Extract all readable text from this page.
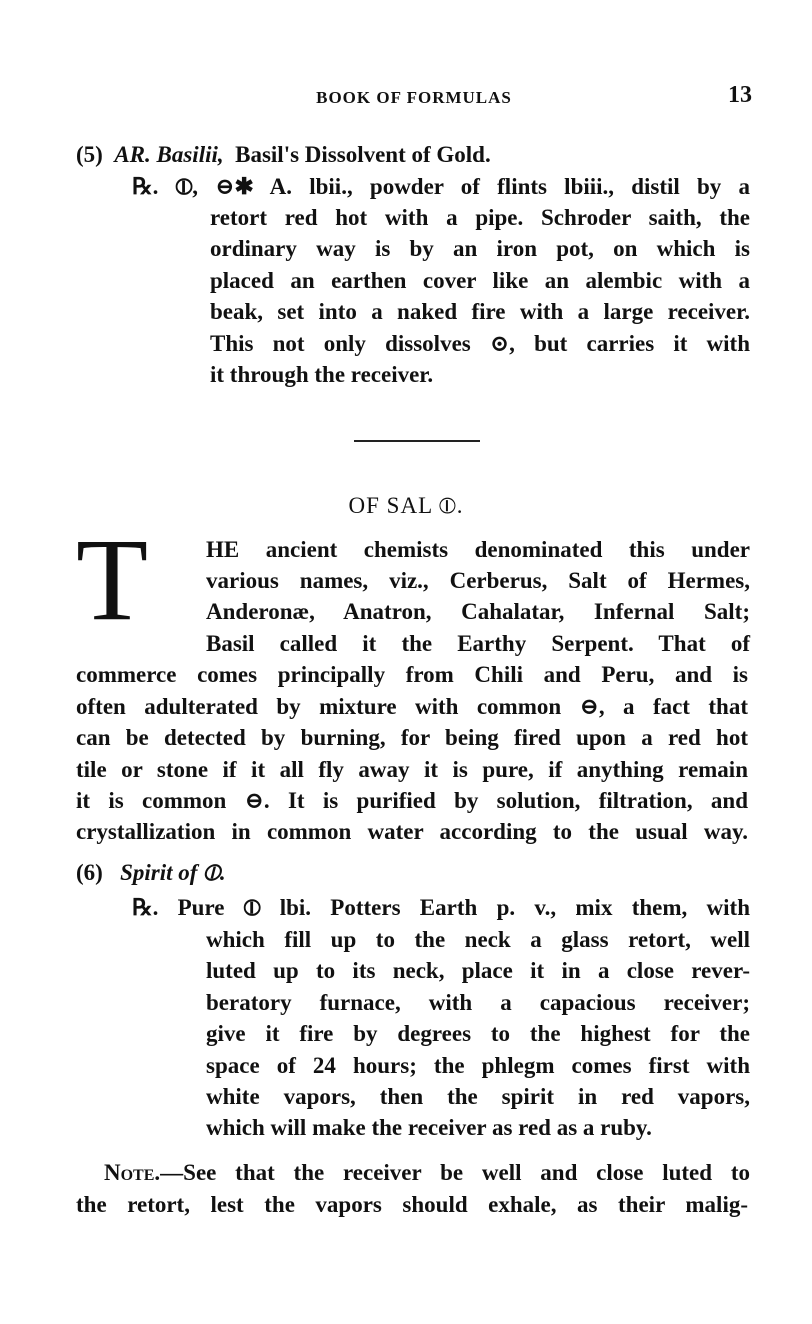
BOOK OF FORMULAS	13
(5) AR. Basilii, Basil's Dissolvent of Gold.
℞. ⦶, ⊖✱ A. lbii., powder of flints lbiii., distil by a
retort red hot with a pipe. Schroder saith, the
ordinary way is by an iron pot, on which is
placed an earthen cover like an alembic with a
beak, set into a naked fire with a large receiver.
This not only dissolves ⊙, but carries it with
it through the receiver.
OF SAL ⦶.
T	HE ancient chemists denominated this under
various names, viz., Cerberus, Salt of Hermes,
Anderonæ, Anatron, Cahalatar, Infernal Salt;
Basil called it the Earthy Serpent. That of
commerce comes principally from Chili and Peru, and is
often adulterated by mixture with common ⊖, a fact that
can be detected by burning, for being fired upon a red hot
tile or stone if it all fly away it is pure, if anything remain
it is common ⊖. It is purified by solution, filtration, and
crystallization in common water according to the usual way.
(6) Spirit of ⦶.
℞. Pure ⦶ lbi. Potters Earth p. v., mix them, with
which fill up to the neck a glass retort, well
luted up to its neck, place it in a close rever-
beratory furnace, with a capacious receiver;
give it fire by degrees to the highest for the
space of 24 hours; the phlegm comes first with
white vapors, then the spirit in red vapors,
which will make the receiver as red as a ruby.
Note.—See that the receiver be well and close luted to
the retort, lest the vapors should exhale, as their malig-
